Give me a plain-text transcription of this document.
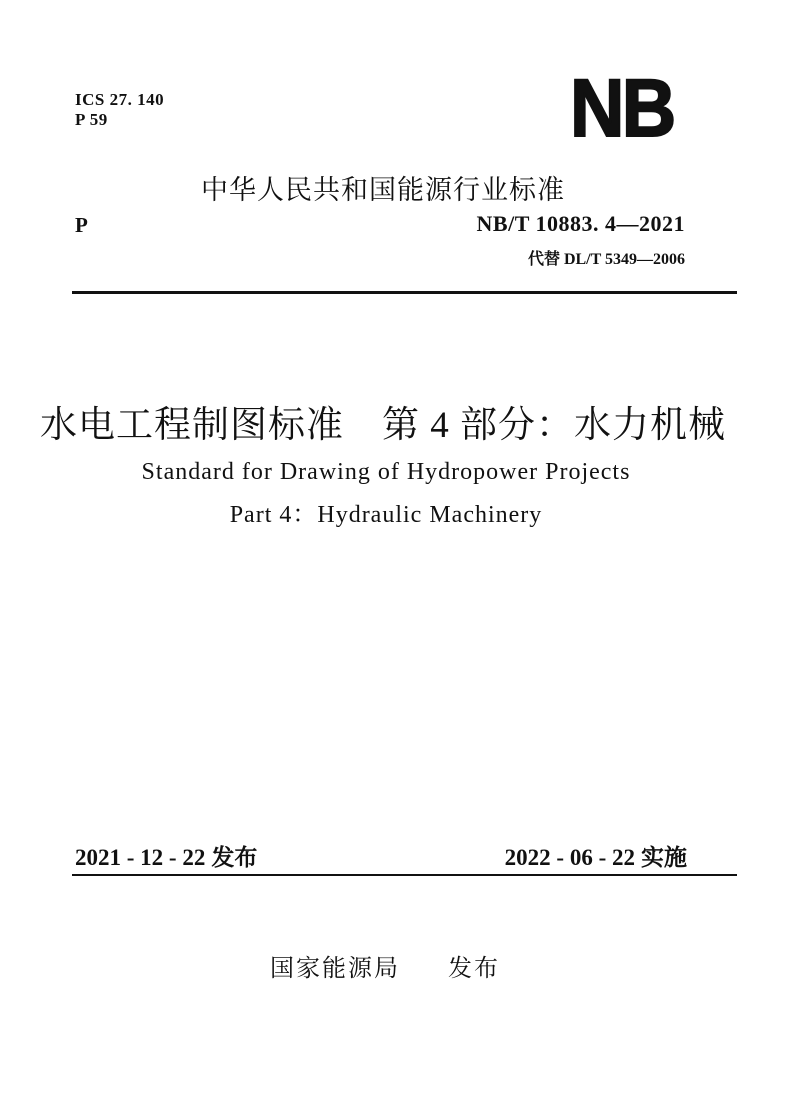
ICS 27. 140
P 59	NB
中华人民共和国能源行业标准
P	NB/T 10883. 4—2021
代替 DL/T 5349—2006
水电工程制图标准　第 4 部分：水力机械
Standard for Drawing of Hydropower Projects
Part 4：Hydraulic Machinery
2021 - 12 - 22 发布	2022 - 06 - 22 实施
国家能源局 发布
